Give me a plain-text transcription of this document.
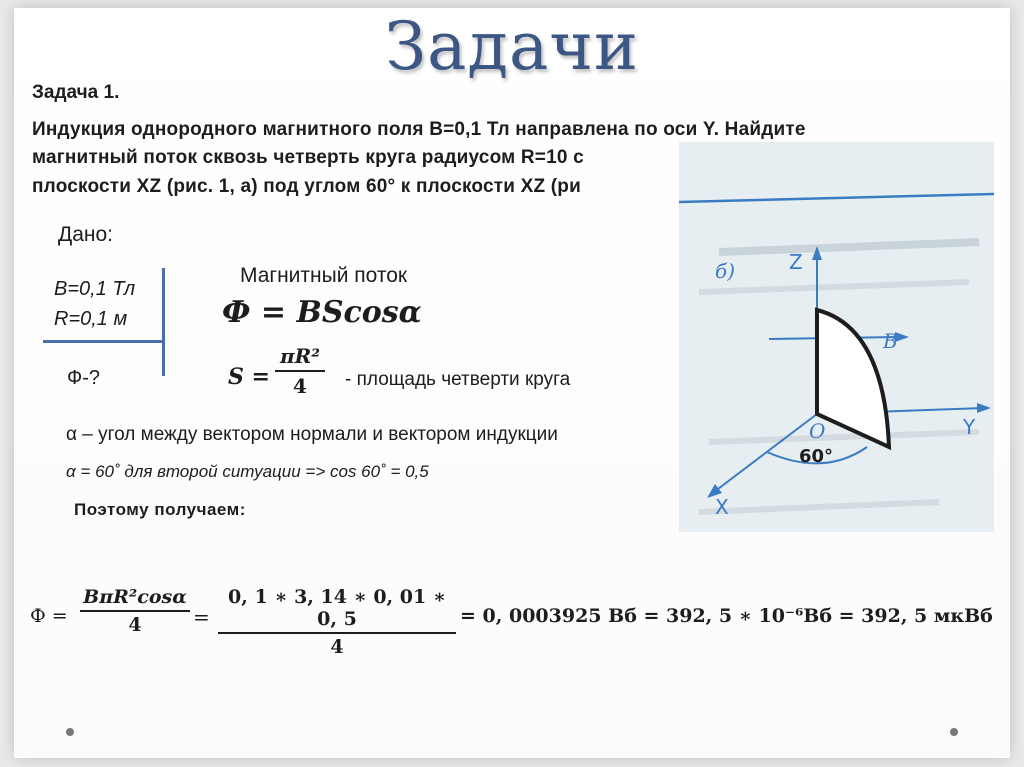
Задачи
Задача 1.
Индукция однородного магнитного поля B=0,1 Тл направлена по оси Y. Найдите
магнитный поток сквозь четверть круга радиусом R=10 с
плоскости XZ (рис. 1, а) под углом 60° к плоскости XZ (ри
Дано:
B=0,1 Тл
R=0,1 м
Ф-?
Магнитный поток
Ф = BScosα
S =
πR²
4	- площадь четверти круга
α – угол между вектором нормали и вектором индукции
α = 60˚ для второй ситуации => cos 60˚ = 0,5
Поэтому получаем:
Ф =
BπR²cosα
4	=
0, 1 ∗ 3, 14 ∗ 0, 01 ∗ 0, 5
4
= 0, 0003925 Вб = 392, 5 ∗ 10⁻⁶Вб = 392, 5 мкВб
б)	Z
Y
X
B
O
60°
